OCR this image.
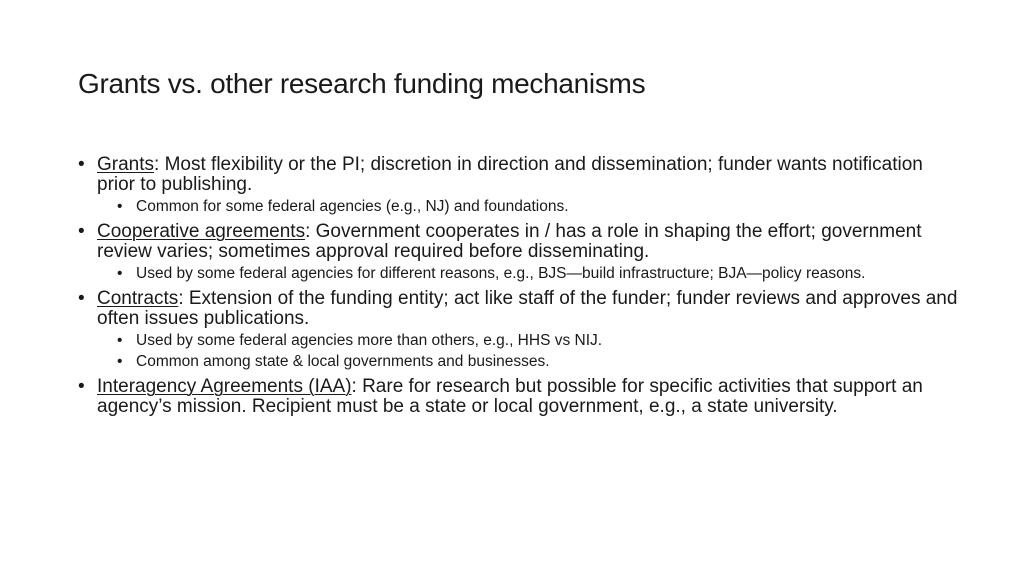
Grants vs. other research funding mechanisms
• Grants: Most flexibility or the PI; discretion in direction and dissemination; funder wants notification prior to publishing.
• Common for some federal agencies (e.g., NJ) and foundations.
• Cooperative agreements: Government cooperates in / has a role in shaping the effort; government review varies; sometimes approval required before disseminating.
• Used by some federal agencies for different reasons, e.g., BJS—build infrastructure; BJA—policy reasons.
• Contracts: Extension of the funding entity; act like staff of the funder; funder reviews and approves and often issues publications.
• Used by some federal agencies more than others, e.g., HHS vs NIJ.
• Common among state & local governments and businesses.
• Interagency Agreements (IAA): Rare for research but possible for specific activities that support an agency’s mission. Recipient must be a state or local government, e.g., a state university.
